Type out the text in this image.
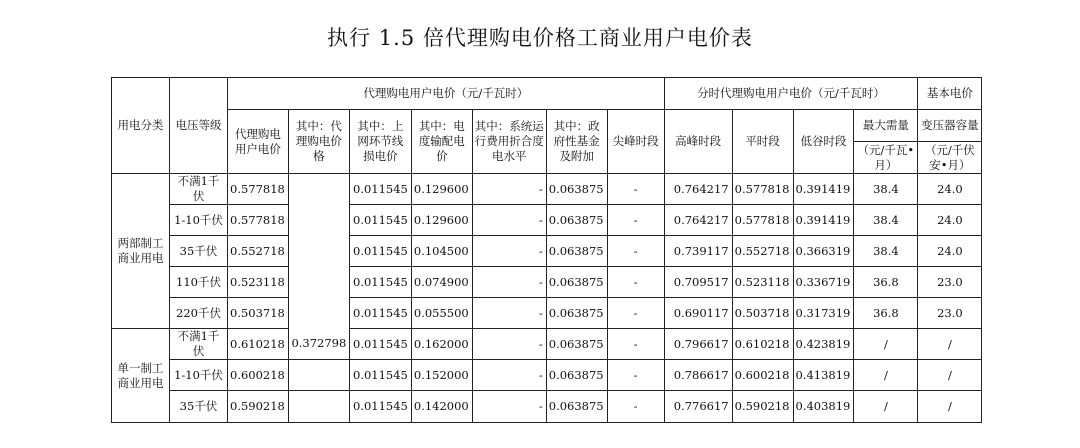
执行 1.5 倍代理购电价格工商业用户电价表
用电分类	电压等级	代理购电用户电价（元/千瓦时）							分时代理购电用户电价（元/千瓦时）				基本电价
		代理购电用户电价	其中：代理购电价格	其中：上网环节线损电价	其中：电度输配电价	其中：系统运行费用折合度电水平	其中：政府性基金及附加	尖峰时段	高峰时段	平时段	低谷时段	最大需量	变压器容量
												（元/千瓦•月）	（元/千伏安•月）
两部制工商业用电	不满1千伏	0.577818	0.372798	0.011545	0.129600	-	0.063875	-	0.764217	0.577818	0.391419	38.4	24.0
	1-10千伏	0.577818		0.011545	0.129600	-	0.063875	-	0.764217	0.577818	0.391419	38.4	24.0
	35千伏	0.552718		0.011545	0.104500	-	0.063875	-	0.739117	0.552718	0.366319	38.4	24.0
	110千伏	0.523118		0.011545	0.074900	-	0.063875	-	0.709517	0.523118	0.336719	36.8	23.0
	220千伏	0.503718		0.011545	0.055500	-	0.063875	-	0.690117	0.503718	0.317319	36.8	23.0
单一制工商业用电	不满1千伏	0.610218		0.011545	0.162000	-	0.063875	-	0.796617	0.610218	0.423819	/	/
	1-10千伏	0.600218		0.011545	0.152000	-	0.063875	-	0.786617	0.600218	0.413819	/	/
	35千伏	0.590218		0.011545	0.142000	-	0.063875	-	0.776617	0.590218	0.403819	/	/
